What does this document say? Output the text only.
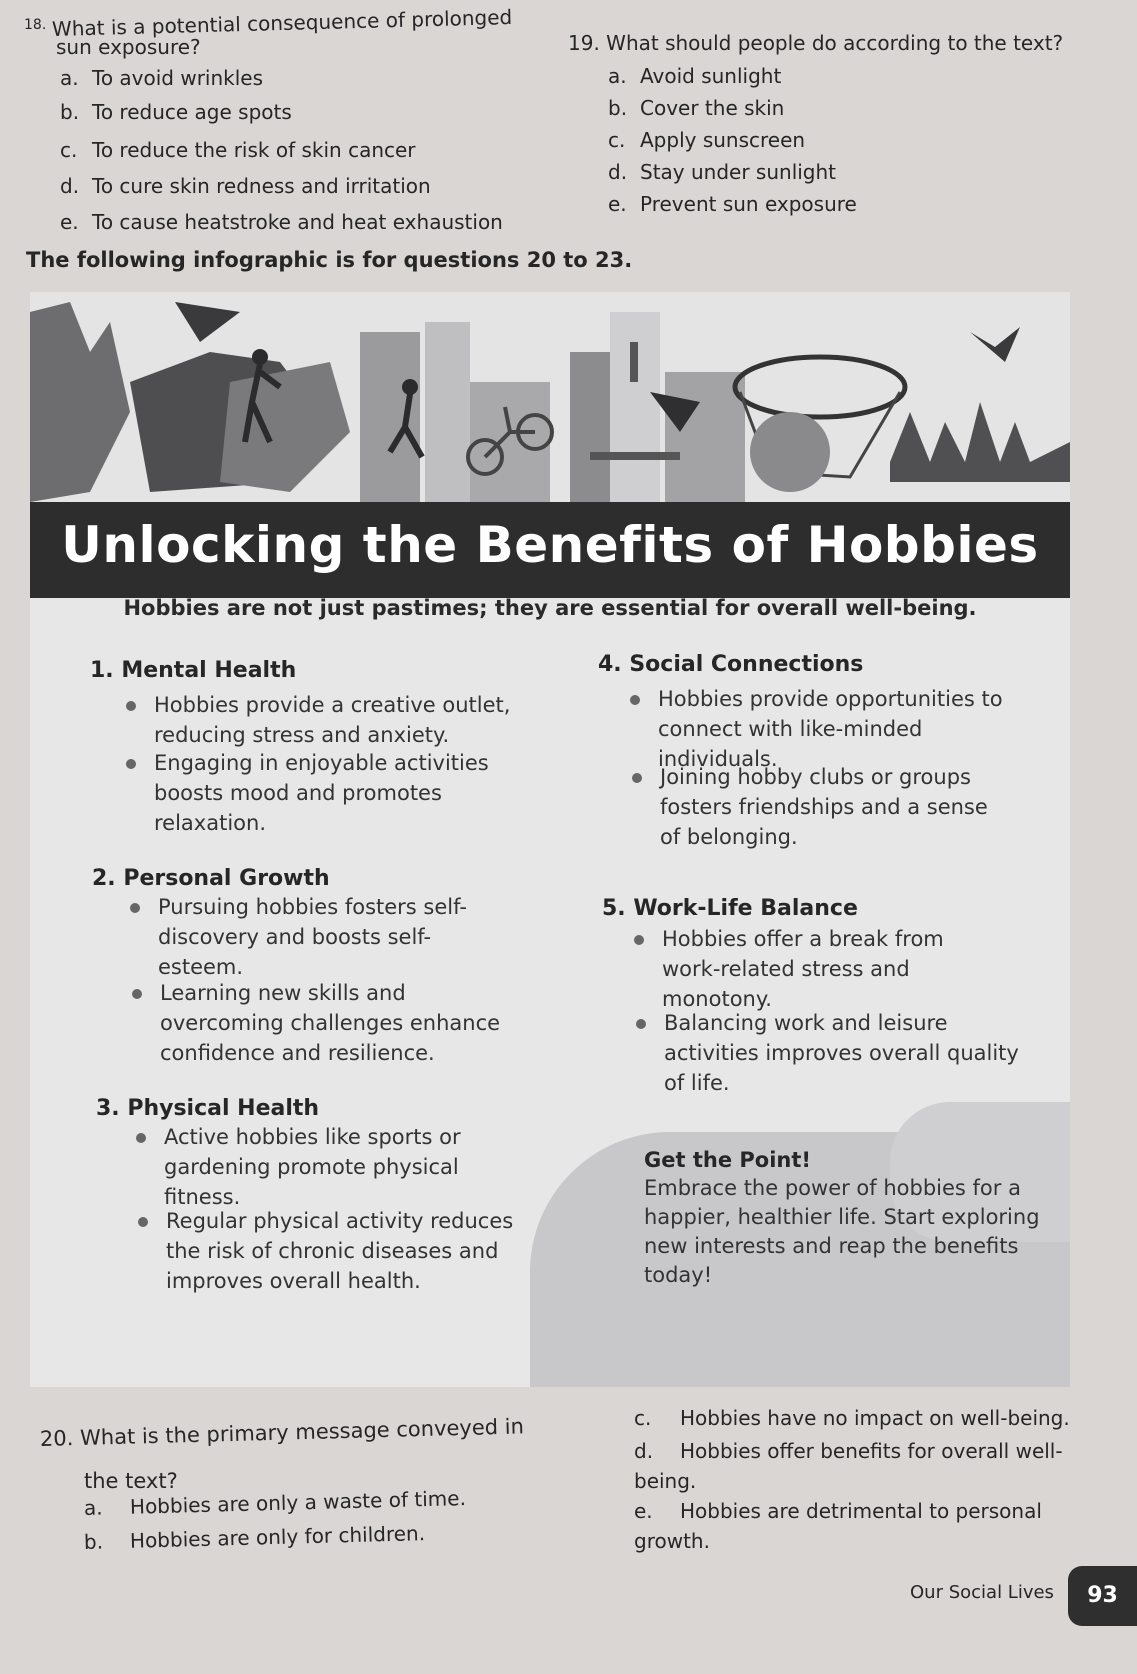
18. What is a potential consequence of prolonged
sun exposure?
a. To avoid wrinkles
b. To reduce age spots
c. To reduce the risk of skin cancer
d. To cure skin redness and irritation
e. To cause heatstroke and heat exhaustion
19. What should people do according to the text?
a. Avoid sunlight
b. Cover the skin
c. Apply sunscreen
d. Stay under sunlight
e. Prevent sun exposure
The following infographic is for questions 20 to 23.
Unlocking the Benefits of Hobbies
Hobbies are not just pastimes; they are essential for overall well-being.
1. Mental Health
Hobbies provide a creative outlet, reducing stress and anxiety.
Engaging in enjoyable activities boosts mood and promotes relaxation.
2. Personal Growth
Pursuing hobbies fosters self-discovery and boosts self-esteem.
Learning new skills and overcoming challenges enhance confidence and resilience.
3. Physical Health
Active hobbies like sports or gardening promote physical fitness.
Regular physical activity reduces the risk of chronic diseases and improves overall health.
4. Social Connections
Hobbies provide opportunities to connect with like-minded individuals.
Joining hobby clubs or groups fosters friendships and a sense of belonging.
5. Work-Life Balance
Hobbies offer a break from work-related stress and monotony.
Balancing work and leisure activities improves overall quality of life.
Get the Point!
Embrace the power of hobbies for a happier, healthier life. Start exploring new interests and reap the benefits today!
20. What is the primary message conveyed in
the text?
a. Hobbies are only a waste of time.
b. Hobbies are only for children.
c. Hobbies have no impact on well-being.
d. Hobbies offer benefits for overall well-being.
e. Hobbies are detrimental to personal growth.
Our Social Lives	93
